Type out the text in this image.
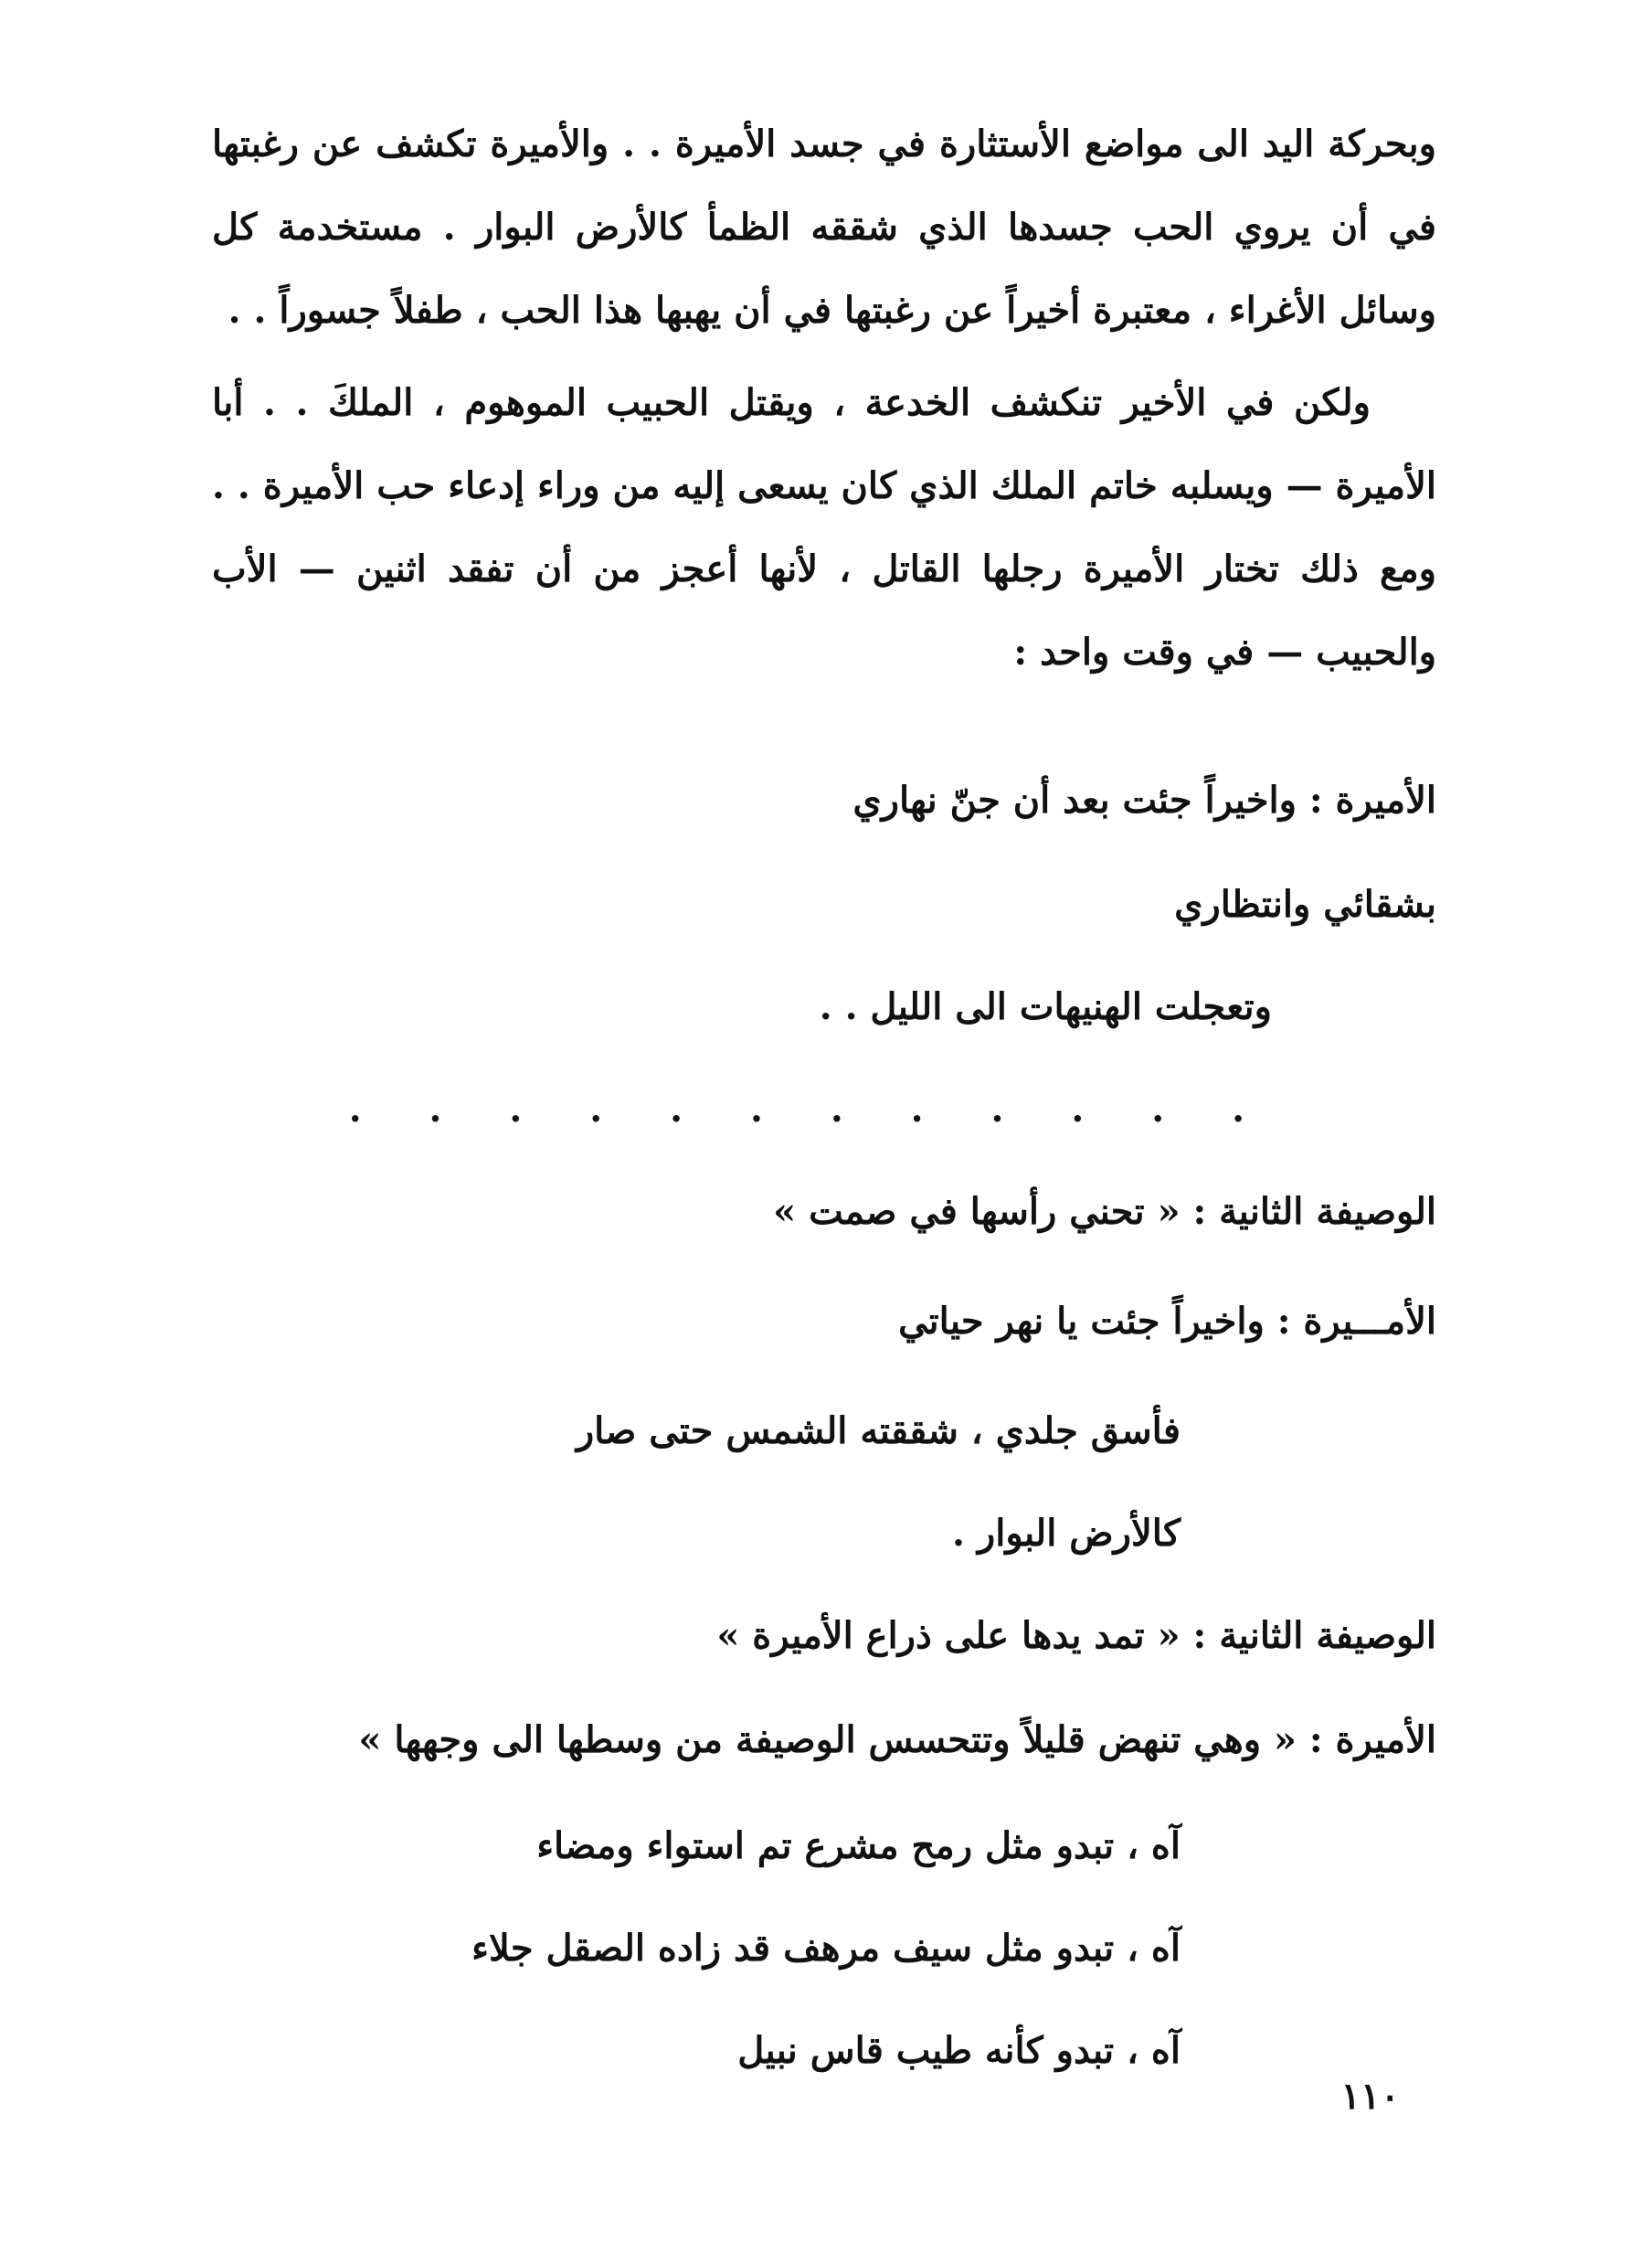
وبحركة اليد الى مواضع الأستثارة في جسد الأميرة . . والأميرة تكشف عن رغبتها في أن يروي الحب جسدها الذي شققه الظمأ كالأرض البوار . مستخدمة كل وسائل الأغراء ، معتبرة أخيراً عن رغبتها في أن يهبها هذا الحب ، طفلاً جسوراً . .

ولكن في الأخير تنكشف الخدعة ، ويقتل الحبيب الموهوم ، الملكَ . . أبا الأميرة — ويسلبه خاتم الملك الذي كان يسعى إليه من وراء إدعاء حب الأميرة . . ومع ذلك تختار الأميرة رجلها القاتل ، لأنها أعجز من أن تفقد اثنين — الأب والحبيب — في وقت واحد :

الأميرة : واخيراً جئت بعد أن جنّ نهاري
بشقائي وانتظاري
وتعجلت الهنيهات الى الليل . .
. . . . . . . . . . . .
الوصيفة الثانية : « تحني رأسها في صمت »
الأمـــيرة : واخيراً جئت يا نهر حياتي
فأسق جلدي ، شققته الشمس حتى صار
كالأرض البوار .
الوصيفة الثانية : « تمد يدها على ذراع الأميرة »
الأميرة : « وهي تنهض قليلاً وتتحسس الوصيفة من وسطها الى وجهها »
آه ، تبدو مثل رمح مشرع تم استواء ومضاء
آه ، تبدو مثل سيف مرهف قد زاده الصقل جلاء
آه ، تبدو كأنه طيب قاس نبيل
١١٠
